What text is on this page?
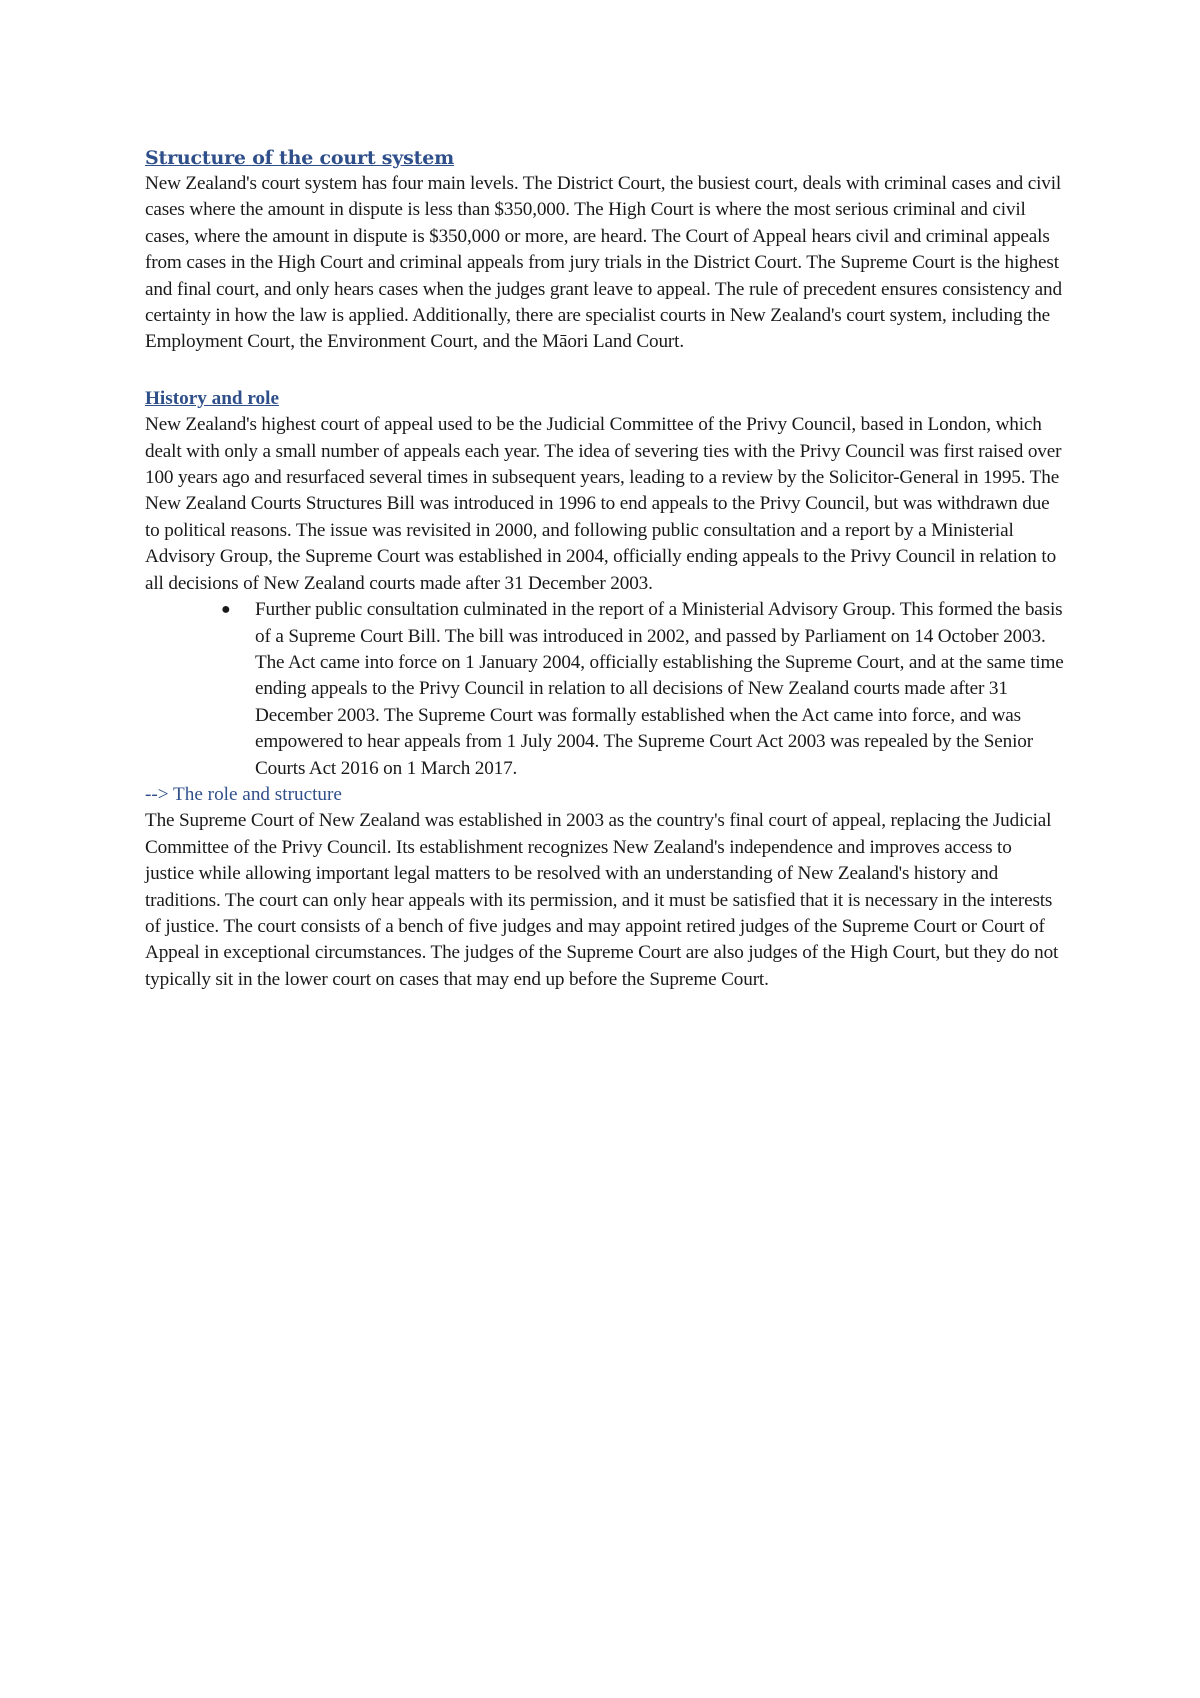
Structure of the court system

New Zealand's court system has four main levels. The District Court, the busiest court, deals with criminal cases and civil cases where the amount in dispute is less than $350,000. The High Court is where the most serious criminal and civil cases, where the amount in dispute is $350,000 or more, are heard. The Court of Appeal hears civil and criminal appeals from cases in the High Court and criminal appeals from jury trials in the District Court. The Supreme Court is the highest and final court, and only hears cases when the judges grant leave to appeal. The rule of precedent ensures consistency and certainty in how the law is applied. Additionally, there are specialist courts in New Zealand's court system, including the Employment Court, the Environment Court, and the Māori Land Court.

History and role

New Zealand's highest court of appeal used to be the Judicial Committee of the Privy Council, based in London, which dealt with only a small number of appeals each year. The idea of severing ties with the Privy Council was first raised over 100 years ago and resurfaced several times in subsequent years, leading to a review by the Solicitor-General in 1995. The New Zealand Courts Structures Bill was introduced in 1996 to end appeals to the Privy Council, but was withdrawn due to political reasons. The issue was revisited in 2000, and following public consultation and a report by a Ministerial Advisory Group, the Supreme Court was established in 2004, officially ending appeals to the Privy Council in relation to all decisions of New Zealand courts made after 31 December 2003.

● Further public consultation culminated in the report of a Ministerial Advisory Group. This formed the basis of a Supreme Court Bill. The bill was introduced in 2002, and passed by Parliament on 14 October 2003. The Act came into force on 1 January 2004, officially establishing the Supreme Court, and at the same time ending appeals to the Privy Council in relation to all decisions of New Zealand courts made after 31 December 2003. The Supreme Court was formally established when the Act came into force, and was empowered to hear appeals from 1 July 2004. The Supreme Court Act 2003 was repealed by the Senior Courts Act 2016 on 1 March 2017.

--> The role and structure

The Supreme Court of New Zealand was established in 2003 as the country's final court of appeal, replacing the Judicial Committee of the Privy Council. Its establishment recognizes New Zealand's independence and improves access to justice while allowing important legal matters to be resolved with an understanding of New Zealand's history and traditions. The court can only hear appeals with its permission, and it must be satisfied that it is necessary in the interests of justice. The court consists of a bench of five judges and may appoint retired judges of the Supreme Court or Court of Appeal in exceptional circumstances. The judges of the Supreme Court are also judges of the High Court, but they do not typically sit in the lower court on cases that may end up before the Supreme Court.
